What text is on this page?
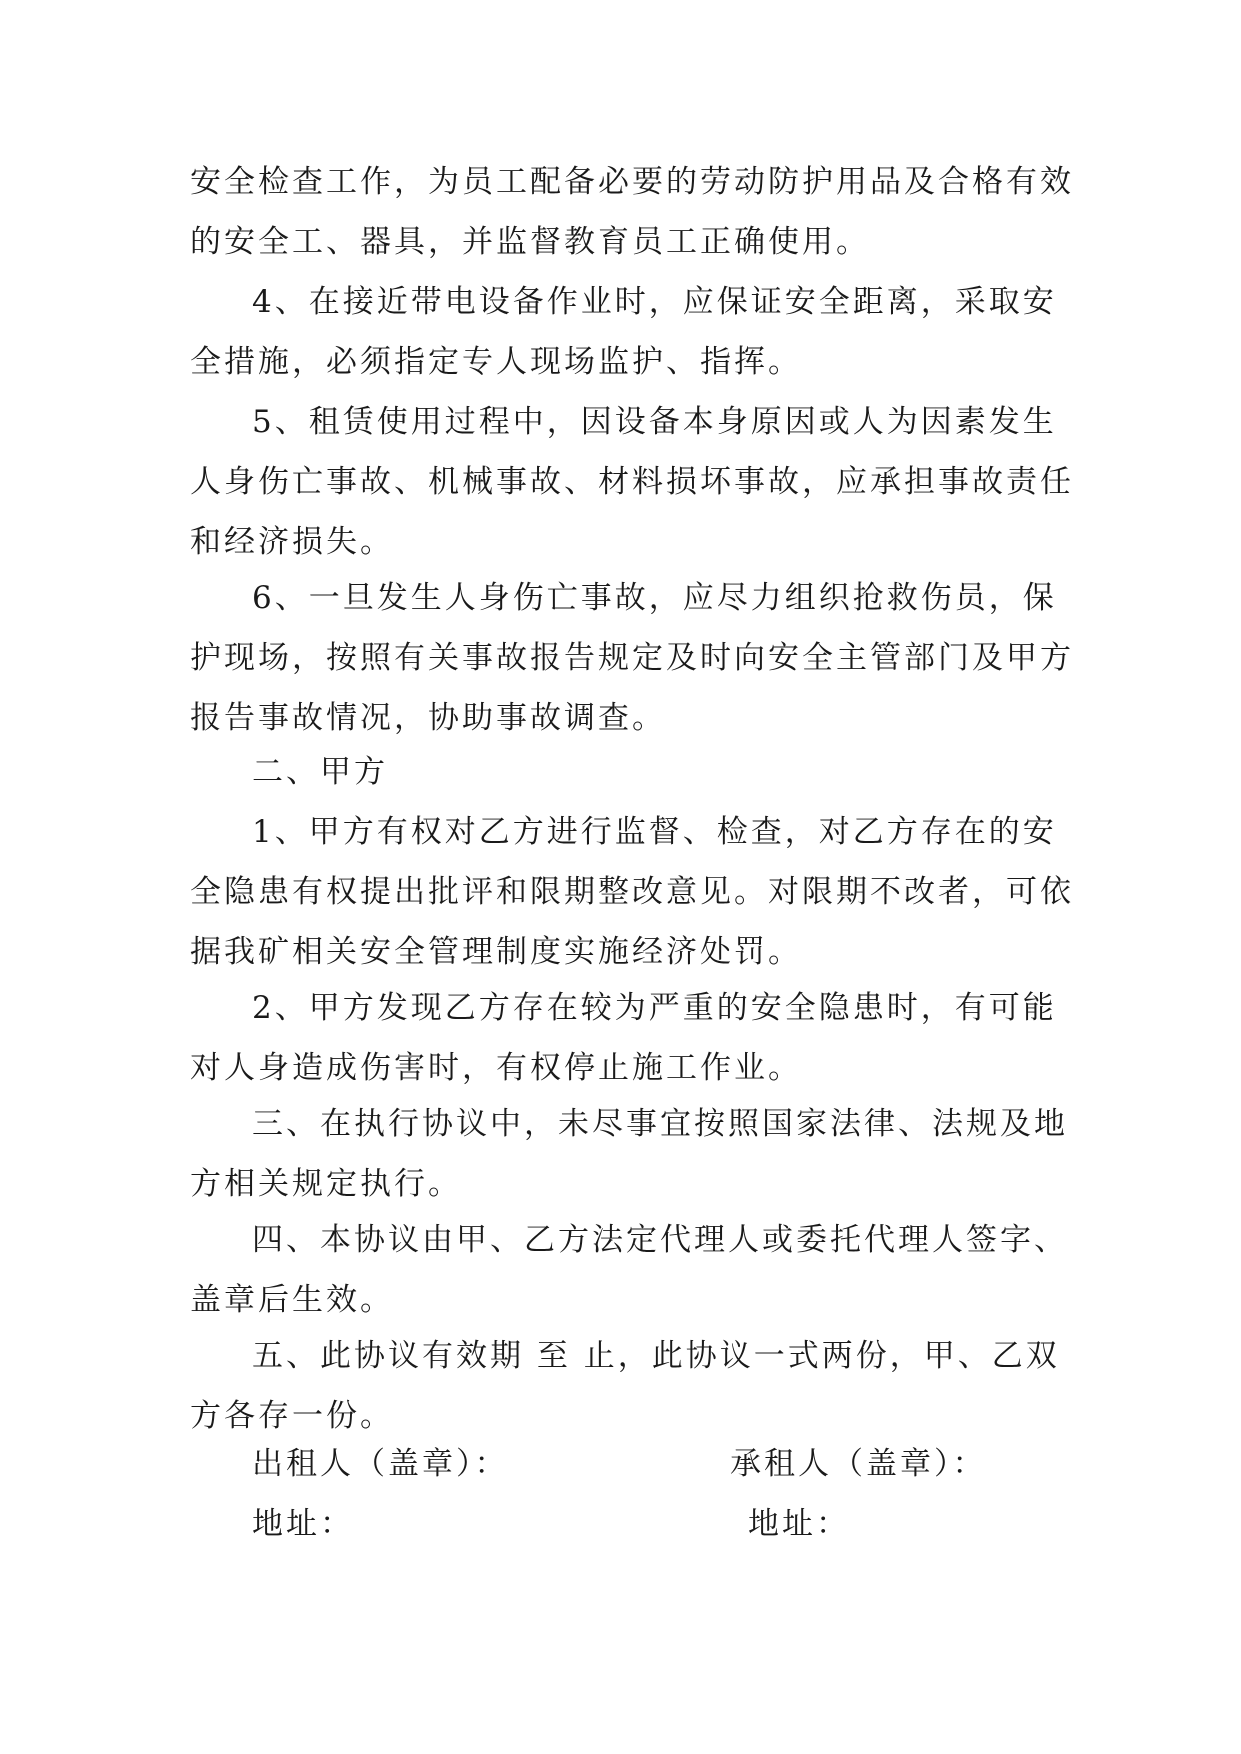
安全检查工作，为员工配备必要的劳动防护用品及合格有效
的安全工、器具，并监督教育员工正确使用。

4、在接近带电设备作业时，应保证安全距离，采取安
全措施，必须指定专人现场监护、指挥。

5、租赁使用过程中，因设备本身原因或人为因素发生
人身伤亡事故、机械事故、材料损坏事故，应承担事故责任
和经济损失。

6、一旦发生人身伤亡事故，应尽力组织抢救伤员，保
护现场，按照有关事故报告规定及时向安全主管部门及甲方
报告事故情况，协助事故调查。

二、甲方

1、甲方有权对乙方进行监督、检查，对乙方存在的安
全隐患有权提出批评和限期整改意见。对限期不改者，可依
据我矿相关安全管理制度实施经济处罚。

2、甲方发现乙方存在较为严重的安全隐患时，有可能
对人身造成伤害时，有权停止施工作业。

三、在执行协议中，未尽事宜按照国家法律、法规及地
方相关规定执行。

四、本协议由甲、乙方法定代理人或委托代理人签字、
盖章后生效。

五、此协议有效期 至 止，此协议一式两份，甲、乙双
方各存一份。

出租人（盖章）：	承租人（盖章）：
地址：	地址：
